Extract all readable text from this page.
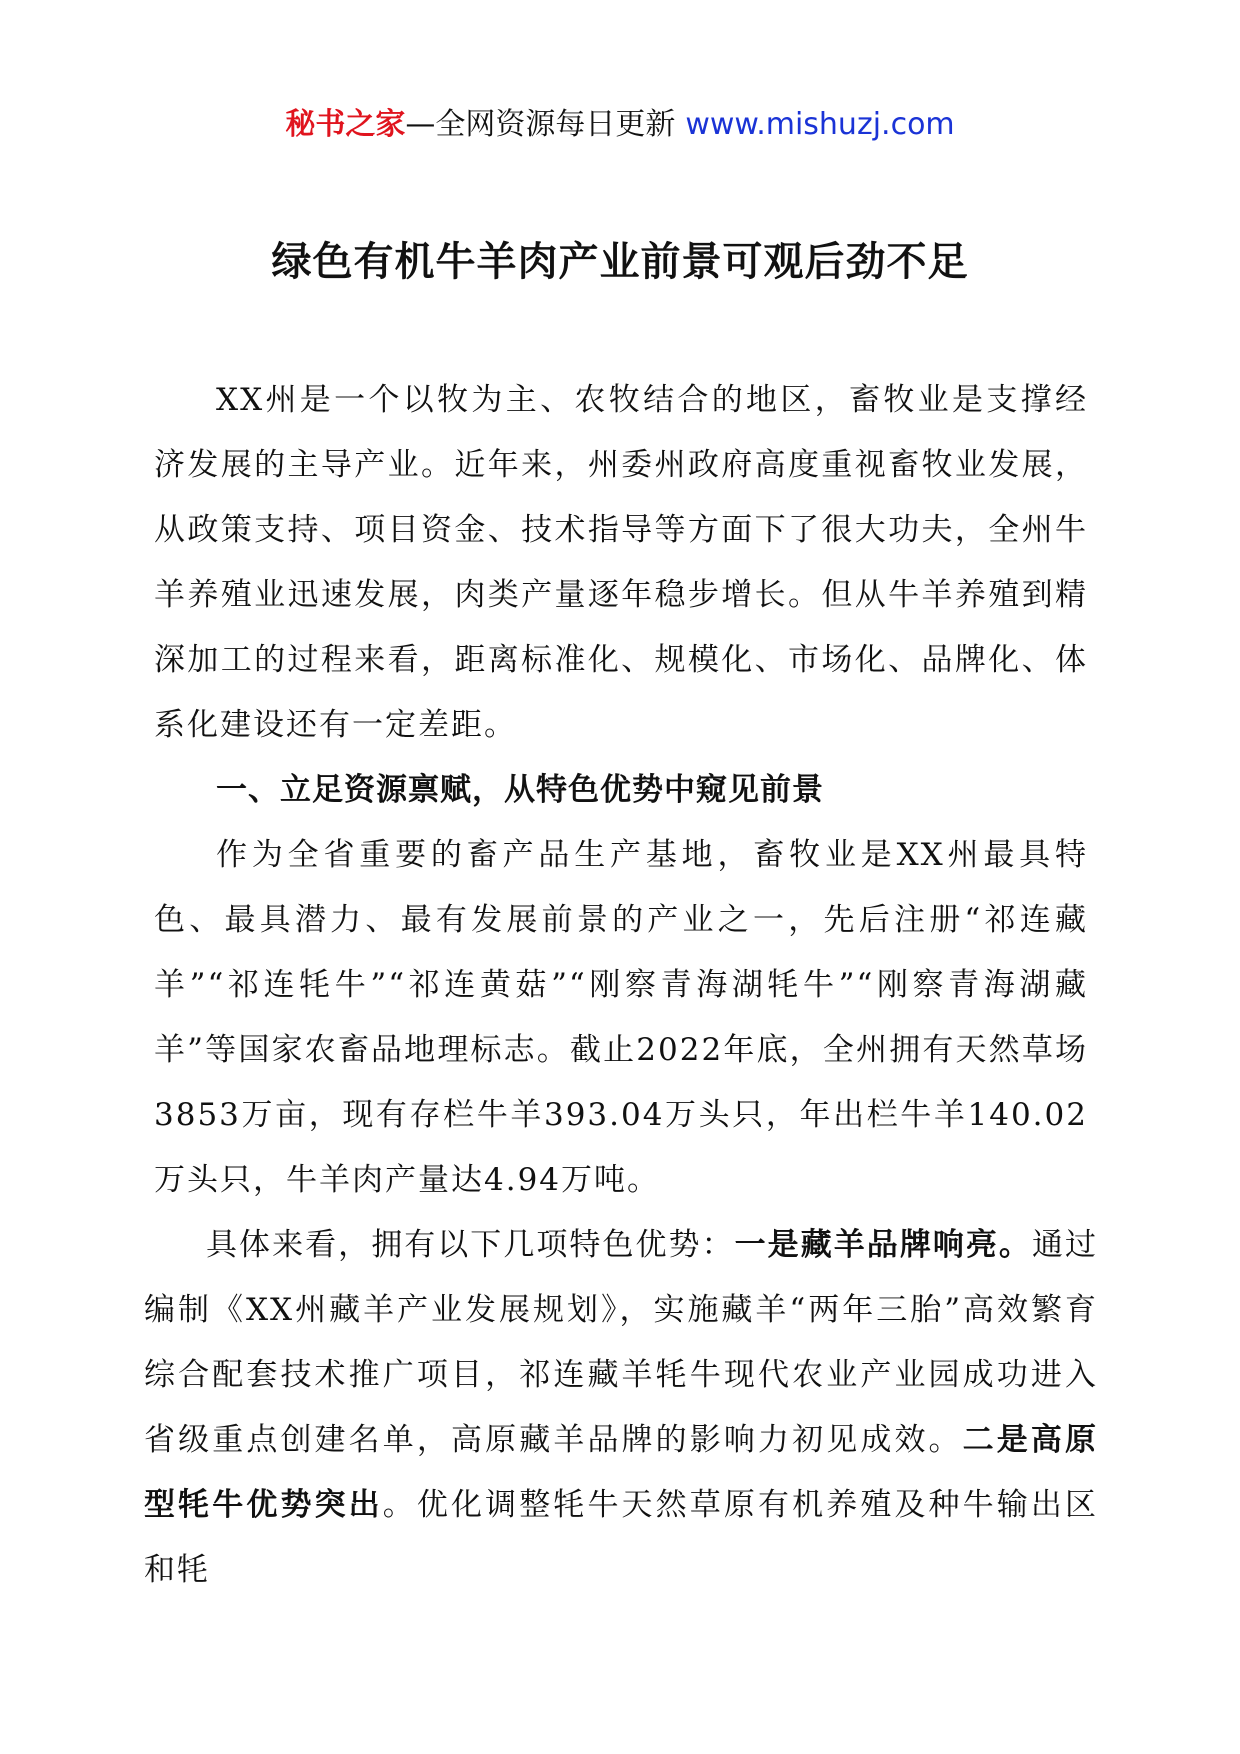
秘书之家—全网资源每日更新 www.mishuzj.com
绿色有机牛羊肉产业前景可观后劲不足

XX州是一个以牧为主、农牧结合的地区，畜牧业是支撑经济发展的主导产业。近年来，州委州政府高度重视畜牧业发展，从政策支持、项目资金、技术指导等方面下了很大功夫，全州牛羊养殖业迅速发展，肉类产量逐年稳步增长。但从牛羊养殖到精深加工的过程来看，距离标准化、规模化、市场化、品牌化、体系化建设还有一定差距。

一、立足资源禀赋，从特色优势中窥见前景

作为全省重要的畜产品生产基地，畜牧业是XX州最具特色、最具潜力、最有发展前景的产业之一，先后注册“祁连藏羊”“祁连牦牛”“祁连黄菇”“刚察青海湖牦牛”“刚察青海湖藏羊”等国家农畜品地理标志。截止2022年底，全州拥有天然草场3853万亩，现有存栏牛羊393.04万头只，年出栏牛羊140.02万头只，牛羊肉产量达4.94万吨。

具体来看，拥有以下几项特色优势：一是藏羊品牌响亮。通过编制《XX州藏羊产业发展规划》，实施藏羊“两年三胎”高效繁育综合配套技术推广项目，祁连藏羊牦牛现代农业产业园成功进入省级重点创建名单，高原藏羊品牌的影响力初见成效。二是高原型牦牛优势突出。优化调整牦牛天然草原有机养殖及种牛输出区和牦
